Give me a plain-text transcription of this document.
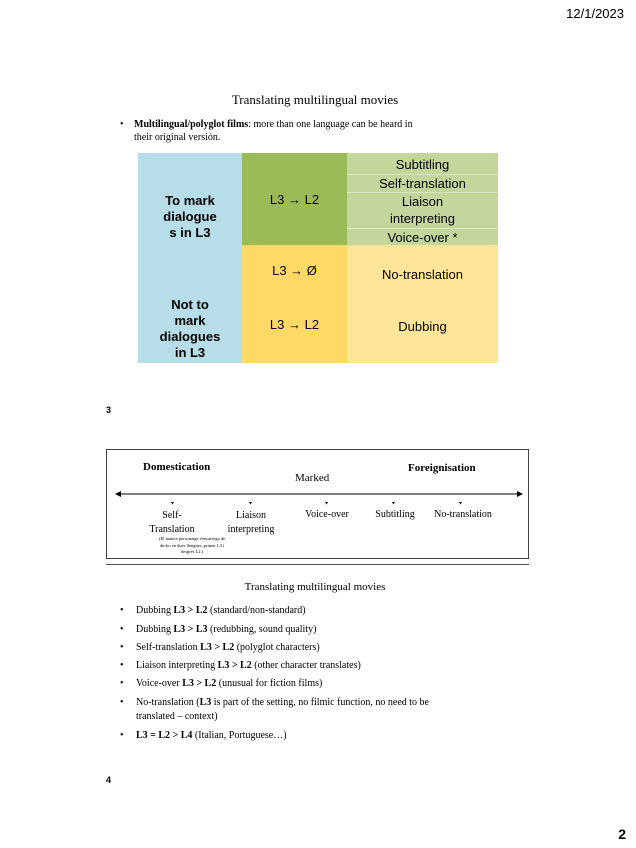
12/1/2023
2
Translating multilingual movies
• Multilingual/polyglot films: more than one language can be heard in
their original versión.
To mark
dialogue
s in L3
Not to
mark
dialogues
in L3
L3 → L2
L3 → Ø
L3 → L2
Subtitling
Self-translation
Liaison interpreting
Voice-over *
No-translation
Dubbing
3
Domestication
Marked
Foreignisation
Self-
Translation
Liaison
interpreting
Voice-over	Subtitling	No-translation
(El mateix personatge s'encarrega de
dir-ho en dues llengües, primer L3 i
després L2.)
Translating multilingual movies
• Dubbing L3 > L2 (standard/non-standard)
• Dubbing L3 > L3 (redubbing, sound quality)
• Self-translation L3 > L2 (polyglot characters)
• Liaison interpreting L3 > L2 (other character translates)
• Voice-over L3 > L2 (unusual for fiction films)
• No-translation (L3 is part of the setting, no filmic function, no need to be
translated – context)
• L3 = L2 > L4 (Italian, Portuguese…)
4
